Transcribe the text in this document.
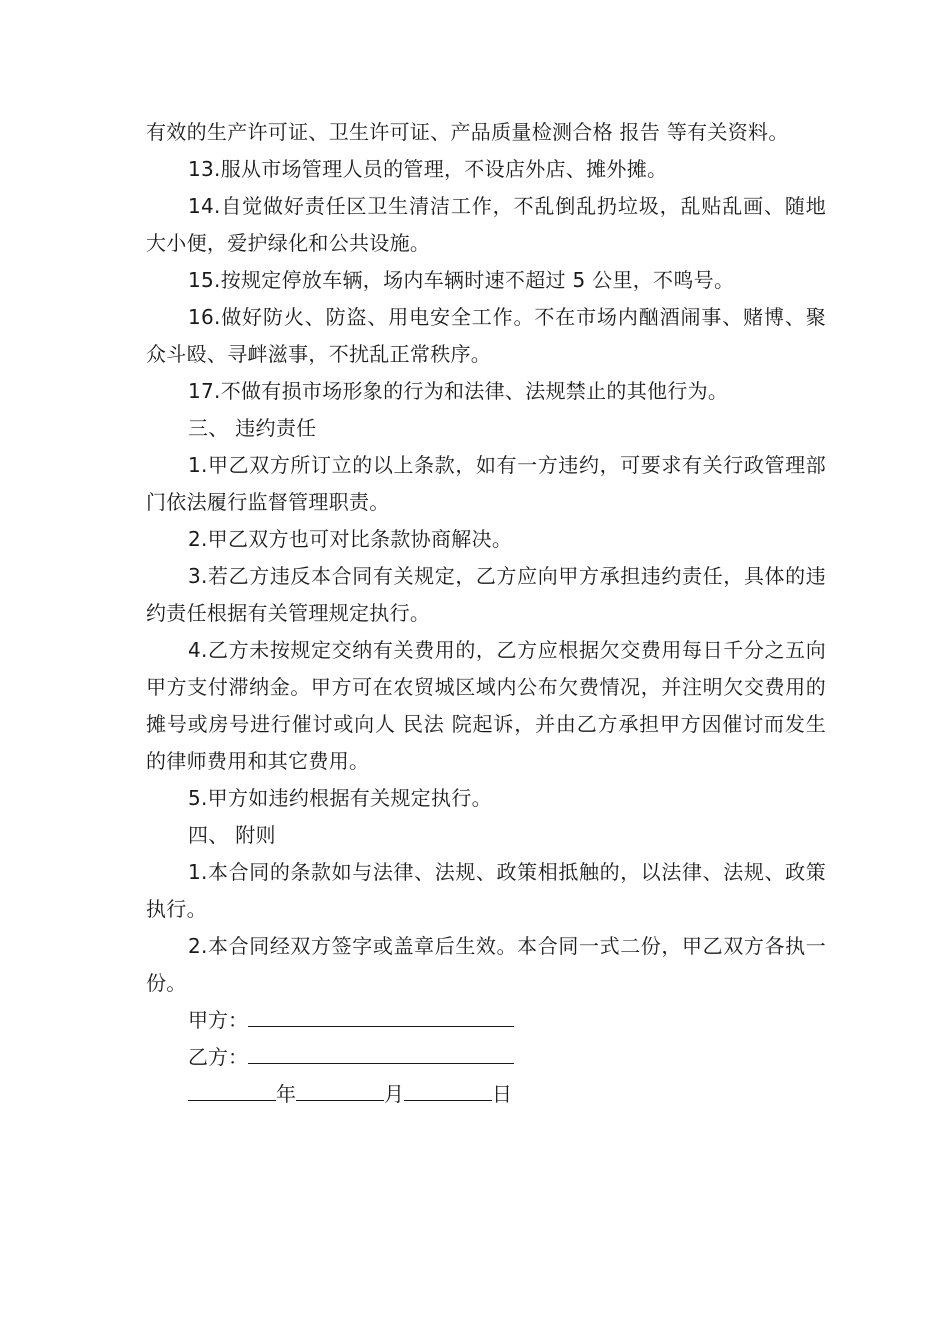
有效的生产许可证、卫生许可证、产品质量检测合格 报告 等有关资料。

13.服从市场管理人员的管理，不设店外店、摊外摊。

14.自觉做好责任区卫生清洁工作，不乱倒乱扔垃圾，乱贴乱画、随地大小便，爱护绿化和公共设施。

15.按规定停放车辆，场内车辆时速不超过 5 公里，不鸣号。

16.做好防火、防盗、用电安全工作。不在市场内酗酒闹事、赌博、聚众斗殴、寻衅滋事，不扰乱正常秩序。

17.不做有损市场形象的行为和法律、法规禁止的其他行为。

三、 违约责任

1.甲乙双方所订立的以上条款，如有一方违约，可要求有关行政管理部门依法履行监督管理职责。

2.甲乙双方也可对比条款协商解决。

3.若乙方违反本合同有关规定，乙方应向甲方承担违约责任，具体的违约责任根据有关管理规定执行。

4.乙方未按规定交纳有关费用的，乙方应根据欠交费用每日千分之五向甲方支付滞纳金。甲方可在农贸城区域内公布欠费情况，并注明欠交费用的摊号或房号进行催讨或向人 民法 院起诉，并由乙方承担甲方因催讨而发生的律师费用和其它费用。

5.甲方如违约根据有关规定执行。

四、 附则

1.本合同的条款如与法律、法规、政策相抵触的，以法律、法规、政策执行。

2.本合同经双方签字或盖章后生效。本合同一式二份，甲乙双方各执一份。

甲方：

乙方：

年	月	日
